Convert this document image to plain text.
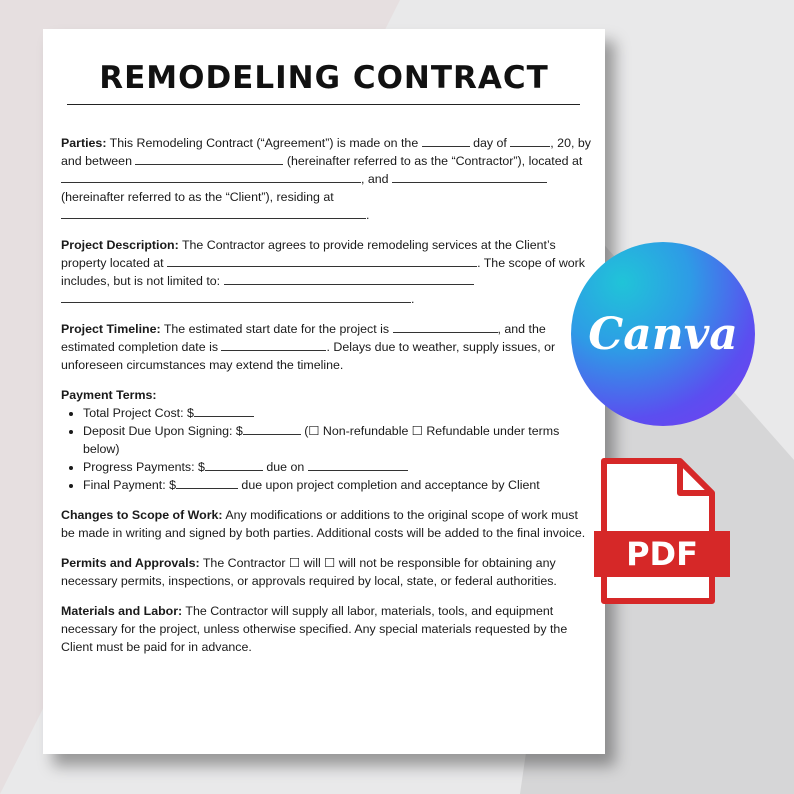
REMODELING CONTRACT

Parties: This Remodeling Contract (“Agreement”) is made on the	day of	, 20, by and between	(hereinafter referred to as the “Contractor”), located at , and  (hereinafter referred to as the “Client”), residing at .

Project Description: The Contractor agrees to provide remodeling services at the Client’s property located at	. The scope of work includes, but is not limited to:  .

Project Timeline: The estimated start date for the project is	, and the estimated completion date is	. Delays due to weather, supply issues, or unforeseen circumstances may extend the timeline.

Payment Terms:
• Total Project Cost: $
• Deposit Due Upon Signing: $	(☐ Non-refundable ☐ Refundable under terms below)
• Progress Payments: $	due on
• Final Payment: $	due upon project completion and acceptance by Client

Changes to Scope of Work: Any modifications or additions to the original scope of work must be made in writing and signed by both parties. Additional costs will be added to the final invoice.

Permits and Approvals: The Contractor ☐ will ☐ will not be responsible for obtaining any necessary permits, inspections, or approvals required by local, state, or federal authorities.

Materials and Labor: The Contractor will supply all labor, materials, tools, and equipment necessary for the project, unless otherwise specified. Any special materials requested by the Client must be paid for in advance.

Canva
PDF
